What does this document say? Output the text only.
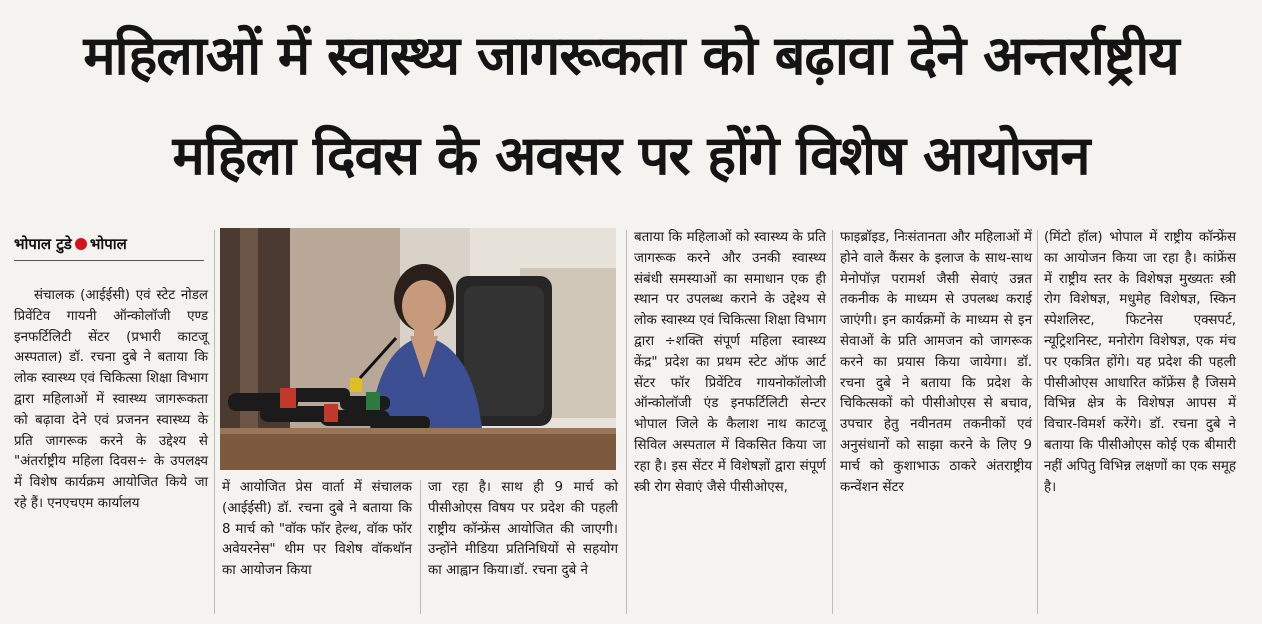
महिलाओं में स्वास्थ्य जागरूकता को बढ़ावा देने अन्तर्राष्ट्रीय
महिला दिवस के अवसर पर होंगे विशेष आयोजन
भोपाल टुडे भोपाल

संचालक (आईईसी) एवं स्टेट नोडल प्रिवेंटिव गायनी ऑन्कोलॉजी एण्ड इनफर्टिलिटी सेंटर (प्रभारी काटजू अस्पताल) डॉ. रचना दुबे ने बताया कि लोक स्वास्थ्य एवं चिकित्सा शिक्षा विभाग द्वारा महिलाओं में स्वास्थ्य जागरूकता को बढ़ावा देने एवं प्रजनन स्वास्थ्य के प्रति जागरूक करने के उद्देश्य से "अंतर्राष्ट्रीय महिला दिवस÷ के उपलक्ष्य में विशेष कार्यक्रम आयोजित किये जा रहे हैं। एनएचएम कार्यालय

में आयोजित प्रेस वार्ता में संचालक (आईईसी) डॉ. रचना दुबे ने बताया कि 8 मार्च को "वॉक फॉर हेल्थ, वॉक फॉर अवेयरनेस" थीम पर विशेष वॉकथॉन का आयोजन किया

जा रहा है। साथ ही 9 मार्च को पीसीओएस विषय पर प्रदेश की पहली राष्ट्रीय कॉन्फ्रेंस आयोजित की जाएगी। उन्होंने मीडिया प्रतिनिधियों से सहयोग का आह्वान किया।डॉ. रचना दुबे ने

बताया कि महिलाओं को स्वास्थ्य के प्रति जागरूक करने और उनकी स्वास्थ्य संबंधी समस्याओं का समाधान एक ही स्थान पर उपलब्ध कराने के उद्देश्य से लोक स्वास्थ्य एवं चिकित्सा शिक्षा विभाग द्वारा ÷शक्ति संपूर्ण महिला स्वास्थ्य केंद्र" प्रदेश का प्रथम स्टेट ऑफ आर्ट सेंटर फॉर प्रिवेंटिव गायनोकॉलोजी ऑन्कोलॉजी एंड इनफर्टिलिटी सेन्टर भोपाल जिले के कैलाश नाथ काटजू सिविल अस्पताल में विकसित किया जा रहा है। इस सेंटर में विशेषज्ञों द्वारा संपूर्ण स्त्री रोग सेवाएं जैसे पीसीओएस,

फाइब्रॉइड, निःसंतानता और महिलाओं में होने वाले कैंसर के इलाज के साथ-साथ मेनोपॉज़ परामर्श जैसी सेवाएं उन्नत तकनीक के माध्यम से उपलब्ध कराई जाएंगी। इन कार्यक्रमों के माध्यम से इन सेवाओं के प्रति आमजन को जागरूक करने का प्रयास किया जायेगा। डॉ. रचना दुबे ने बताया कि प्रदेश के चिकित्सकों को पीसीओएस से बचाव, उपचार हेतु नवीनतम तकनीकों एवं अनुसंधानों को साझा करने के लिए 9 मार्च को कुशाभाऊ ठाकरे अंतराष्ट्रीय कन्वेंशन सेंटर

(मिंटो हॉल) भोपाल में राष्ट्रीय कॉन्फ्रेंस का आयोजन किया जा रहा है। कांफ्रेंस में राष्ट्रीय स्तर के विशेषज्ञ मुख्यतः स्त्री रोग विशेषज्ञ, मधुमेह विशेषज्ञ, स्किन स्पेशलिस्ट, फिटनेस एक्सपर्ट, न्यूट्रिशनिस्ट, मनोरोग विशेषज्ञ, एक मंच पर एकत्रित होंगे। यह प्रदेश की पहली पीसीओएस आधारित कॉफ्रेंस है जिसमे विभिन्न क्षेत्र के विशेषज्ञ आपस में विचार-विमर्श करेंगे। डॉ. रचना दुबे ने बताया कि पीसीओएस कोई एक बीमारी नहीं अपितु विभिन्न लक्षणों का एक समूह है।
